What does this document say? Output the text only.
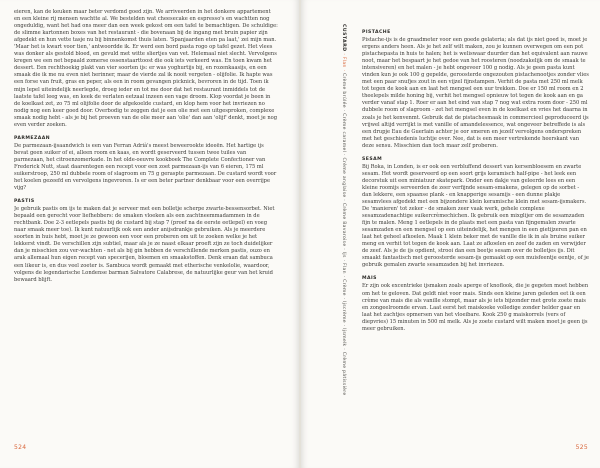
eieren, kan de keuken maar beter verdomd goed zijn. We arriveerden in het donkere appartement en een kleine rij mensen wachtte al. We bestelden wat cheesecake en espresso's en wachtten nog ongeduldig, want het had ons meer dan een week gekost om een tafel te bemachtigen. De schuldige: de slimme kartonnen boxes van het restaurant - die bovenaan bij de ingang met bruin papier zijn afgedekt en hun vette tasje nu bij binnenkomst thuis laten. 'Spanjaarden eten pa laat,' zei mijn man. 'Maar het is kwart voor tien,' antwoordde ik. Er werd een bord pasta rogo op tafel gezet. Het vlees was donker als gestold bloed, en gevuld met witte sliertjes van vet. Helemaal niet slecht. Vervolgens kregen we een net bepaald zomerse ossenstaarttoost die ook iets verkeerd was. En toen kwam het dessert. Een rechthoekig plakt van vier soorten ijs: er was yoghurtijs bij, en rozenkaasijs, en een smaak die ik me nu even niet herinner, maar de vierde zal ik nooit vergeten - olijfolie. Ik hapte was een forse van fruit, gras en peper, als een in room gevangen picknick, bevroren in de tijd. Toen ik mijn lepel uiteindelijk neerlegde, droeg ieder en tot me door dat het restaurant inmiddels tot de laatste tafel leeg was, en keek de verlaten eetzaal inzeen een vage droom. Klop voordat je been in de koelkast zet, zo 75 ml olijfolie door de afgekoelde custard, en klop hem voor het invriezen no nodig nog een keer goed door. Overbodig te zeggen dat je een olie met een uitgesproken, complexe smaak nodig hebt - als je bij het proeven van de olie meer aan 'olie' dan aan 'olijf' denkt, moet je nog even verder zoeken.

PARMEZAAN

De parmezaan-ijsaandwich is een van Ferran Adrià's meest beweerookte ideeën. Het hartige ijs bevat geen suiker of ei, alleen room en kaas, en wordt geserveerd tussen twee tuiles van parmezaan, het citroenzomerkade. In het olde-oeuvre kookboek The Complete Confectioner van Frederick Nutt, staat daarentegen een recept voor een zoet parmezaan-ijs van 6 eieren, 175 ml suikerstroop, 250 ml dubbele room of slagroom en 75 g geraspte parmezaan. De custard wordt voor het koelen gezeefd en vervolgens ingevroren. Is er een beter partner denkbaar voor een overrijpe vijg?

PASTIS

Je gebruik pastis om ijs te maken dat je serveer met een bolletje scherpe zwarte-bessensorbet. Niet bepaald een gerecht voor liefhebbers: de smaken vloeken als een zachtneemmadammen in de rechtbank. Doe 2-3 eetlepels pastis bij de custard bij stap 7 (proef na de eerste eetlepel) en voeg naar smaak meer toe). Ik kunt natuurlijk ook een ander anijsdrankje gebruiken. Als je meerdere soorten in huis hebt, moet je ze gewoon een voor een proberen om uit te zoeken welke je het lekkerst vindt. De verschillen zijn subtiel, maar als je ze naast elkaar proeft zijn ze toch duidelijker dan je misschien zou ver-wachten - net als bij gin hebben de verschillende merken pastis, ouzo en arak allemaal hun eigen recept van specerijen, bloemen en smaakstoffen. Denk eraan dat sambuca een likeur is, en dus veel zoeter is. Sambuca wordt gemaakt met etherische venkelolie, waardoor, volgens de legendarische Londense barman Salvatore Calabrese, de natuurlijke geur van het kruid bewaard blijft.

524
PISTACHE

Pistache-ijs is de graadmeter voor een goede gelateria; als dat ijs niet goed is, moet je ergens anders heen. Als je het zelf wilt maken, zou je kunnen overwegen om een pot pistachepasta in huis te halen; het is weliswaar duurder dan het equivalent aan rauwe noot, maar het bespaart je het gedoe van het roosteren (noodzakelijk om de smaak te intensiveren) en het malen - je hebt ongeveer 100 g nodig. Als je geen pasta kunt vinden kun je ook 100 g gepelde, geroosterde ongezouten pistachenootjes zonder vlies met een paar snufjes zout in een vijzel fijnstampen. Verhit de pasta met 250 ml melk tot tegen de kook aan en laat het mengsel een uur trekken. Doe er 150 ml room en 2 theelepels milde honing bij, verhit het mengsel opnieuw tot tegen de kook aan en ga verder vanaf stap 1. Roer er aan het eind van stap 7 nog wat extra room door - 250 ml dubbele room of slagroom - zet het mengsel even in de koelkast en vries het daarna in zoals je het kenvenmt. Gebruik dat de pistachesmaak in commercieel geproduceerd ijs vrijwel altijd verrijkt is met vanille of amandelessence, wat ongeveer betreffede is als een drupje Eau de Guerlain achter je oor smeren en jezelf vervolgens onderspreken met het geschiedenis luchtje over. Nee, dat is een meer vertrekende heerskant van deze sensu. Misschien dan toch maar zelf proberen.

SESAM

Bij Roka, in Londen, is er ook een verbluffend dessert van kersenbloesem en zwarte sesam. Het wordt geserveerd op een soort grijs keramisch half-pipe - het leek een decorstuk uit een miniatuur skatepark. Onder een dakje van geleerde lees en een kleine roomijs serveerden de zeer verfijnde sesam-smakens, gelegen op de sorbet - dan lekkere, een spaanse plank - en knapperige sesamijs - een dunne plakje sesamvlees afgedekt met een bijzondere klein keramische klein met sesam-ijsmakers. De 'manieren' tot zeker - de smaken zeer vaak werk, gehele complexe sesamzadenachtige suikercrèmechichen. Ik gebruik een mixglijer om de sesamzaden fijn te malen. Meng 1 eetlepels in de plaats met een pasta van fijngemalen zwarte sesamzaden en een mengsel op een uiteindelijk, het mengen in een gietijzeren pan en laat het geheel afkoelen. Maak 1 klein beker met de vanille die ik in als bruine suiker meng en verhit tot tegen de kook aan. Laat ze afkoelen en zeef de zaden en verwijder de zeef. Als je de ijs opdient, strooi dan een beetje sesam over de bolletjes ijs. Dit smaakt fantastisch met geroosterde sesam-ijs gemaakt op een muisfeentje eentje, of je gebruik gemalen zwarte sesamzaden bij het invriezen.

MAIS

Er zijn ook excentrieke ijsmaken zoals aperge of knoflook, die je gegeten moet hebben om het te geloven. Dat geldt niet voor mais. Sinds een kleine jaren geleden eet ik een crème van mais die als vanille stompt, maar als je iets bijzonder met grote zoete mais en zongeelroomde ervan. Laat eerst het maiskoeke volledige zonder helder gaar en laat het zachtjes opmersen van het vloeibare. Kook 250 g maiskorrels (vers of diepvries) 15 minuten in 500 ml melk. Als je zoete custard wilt maken moet je geen ijs meer gebruiken.

525
CUSTARD · Flan · Crème brûlée · Crème caramel · Crème anglaise · Crème Bavaroise · Ijs · Flan · Crème · Ijscrème · Ijsmelk · Crème pâtissière
